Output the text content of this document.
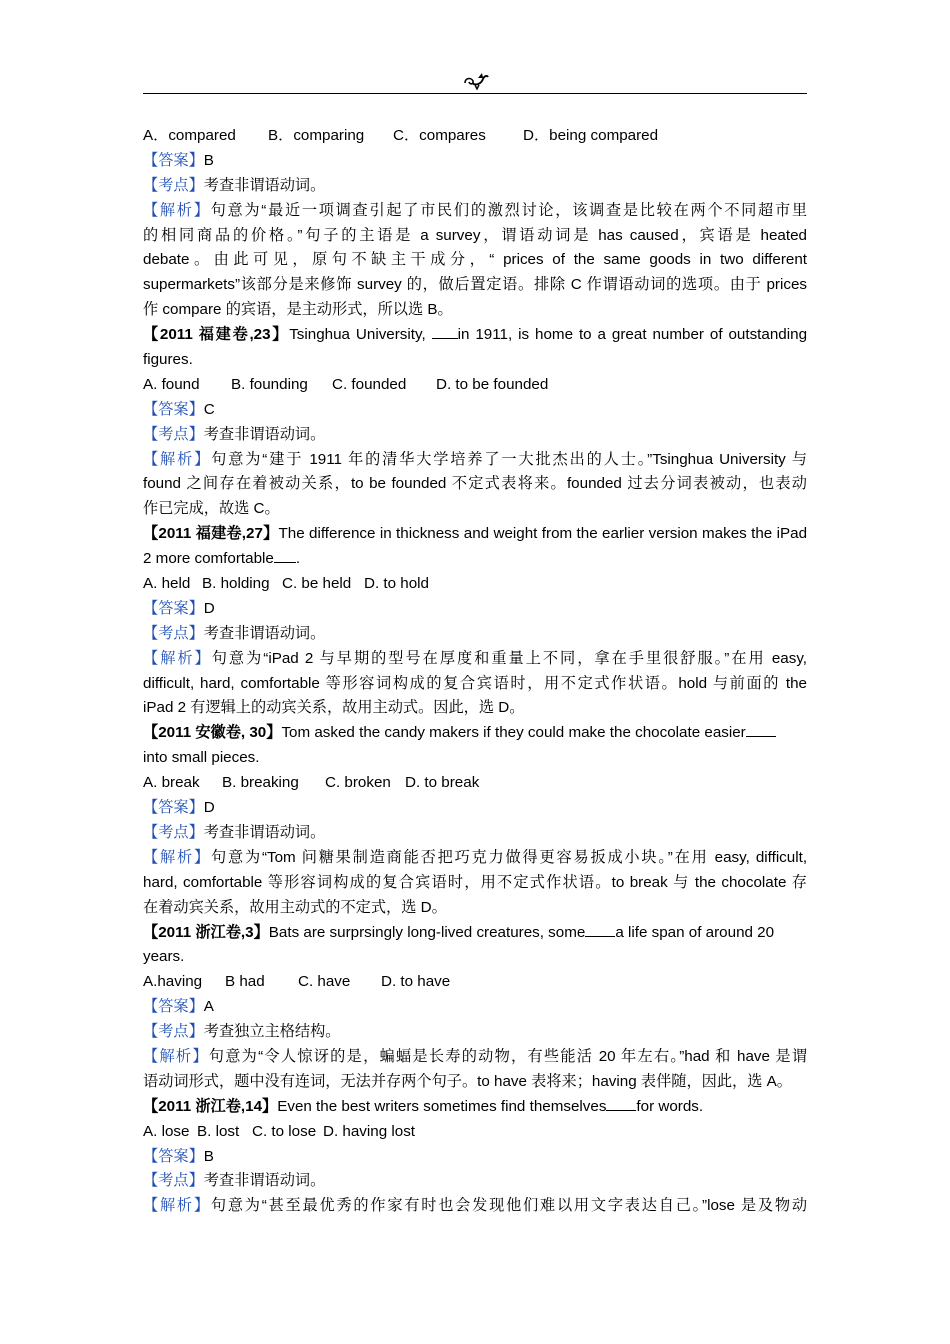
A．compared B．comparing C．compares D．being compared
【答案】B
【考点】考查非谓语动词。
【解析】句意为“最近一项调查引起了市民们的激烈讨论，该调查是比较在两个不同超市里
的相同商品的价格。”句子的主语是 a survey，谓语动词是 has caused，宾语是 heated
debate。由此可见，原句不缺主干成分，“ prices of the same goods in two different
supermarkets”该部分是来修饰 survey 的，做后置定语。排除 C 作谓语动词的选项。由于 prices
作 compare 的宾语，是主动形式，所以选 B。
【2011 福建卷,23】Tsinghua University, in 1911, is home to a great number of outstanding
figures.
A. found B. founding C. founded D. to be founded
【答案】C
【考点】考查非谓语动词。
【解析】句意为“建于 1911 年的清华大学培养了一大批杰出的人士。”Tsinghua University 与
found 之间存在着被动关系，to be founded 不定式表将来。founded 过去分词表被动，也表动
作已完成，故选 C。
【2011 福建卷,27】The difference in thickness and weight from the earlier version makes the iPad
2 more comfortable .
A. held B. holding C. be held D. to hold
【答案】D
【考点】考查非谓语动词。
【解析】句意为“iPad 2 与早期的型号在厚度和重量上不同，拿在手里很舒服。”在用 easy,
difficult, hard, comfortable 等形容词构成的复合宾语时，用不定式作状语。hold 与前面的 the
iPad 2 有逻辑上的动宾关系，故用主动式。因此，选 D。
【2011 安徽卷, 30】Tom asked the candy makers if they could make the chocolate easier
into small pieces.
A. break B. breaking C. broken D. to break
【答案】D
【考点】考查非谓语动词。
【解析】句意为“Tom 问糖果制造商能否把巧克力做得更容易扳成小块。”在用 easy, difficult,
hard, comfortable 等形容词构成的复合宾语时，用不定式作状语。to break 与 the chocolate 存
在着动宾关系，故用主动式的不定式，选 D。
【2011 浙江卷,3】Bats are surprsingly long-lived creatures, some a life span of around 20
years.
A.having B had C. have D. to have
【答案】A
【考点】考查独立主格结构。
【解析】句意为“令人惊讶的是，蝙蝠是长寿的动物，有些能活 20 年左右。”had 和 have 是谓
语动词形式，题中没有连词，无法并存两个句子。to have 表将来；having 表伴随，因此，选 A。
【2011 浙江卷,14】Even the best writers sometimes find themselves for words.
A. lose B. lost C. to lose D. having lost
【答案】B
【考点】考查非谓语动词。
【解析】句意为“甚至最优秀的作家有时也会发现他们难以用文字表达自己。”lose 是及物动
